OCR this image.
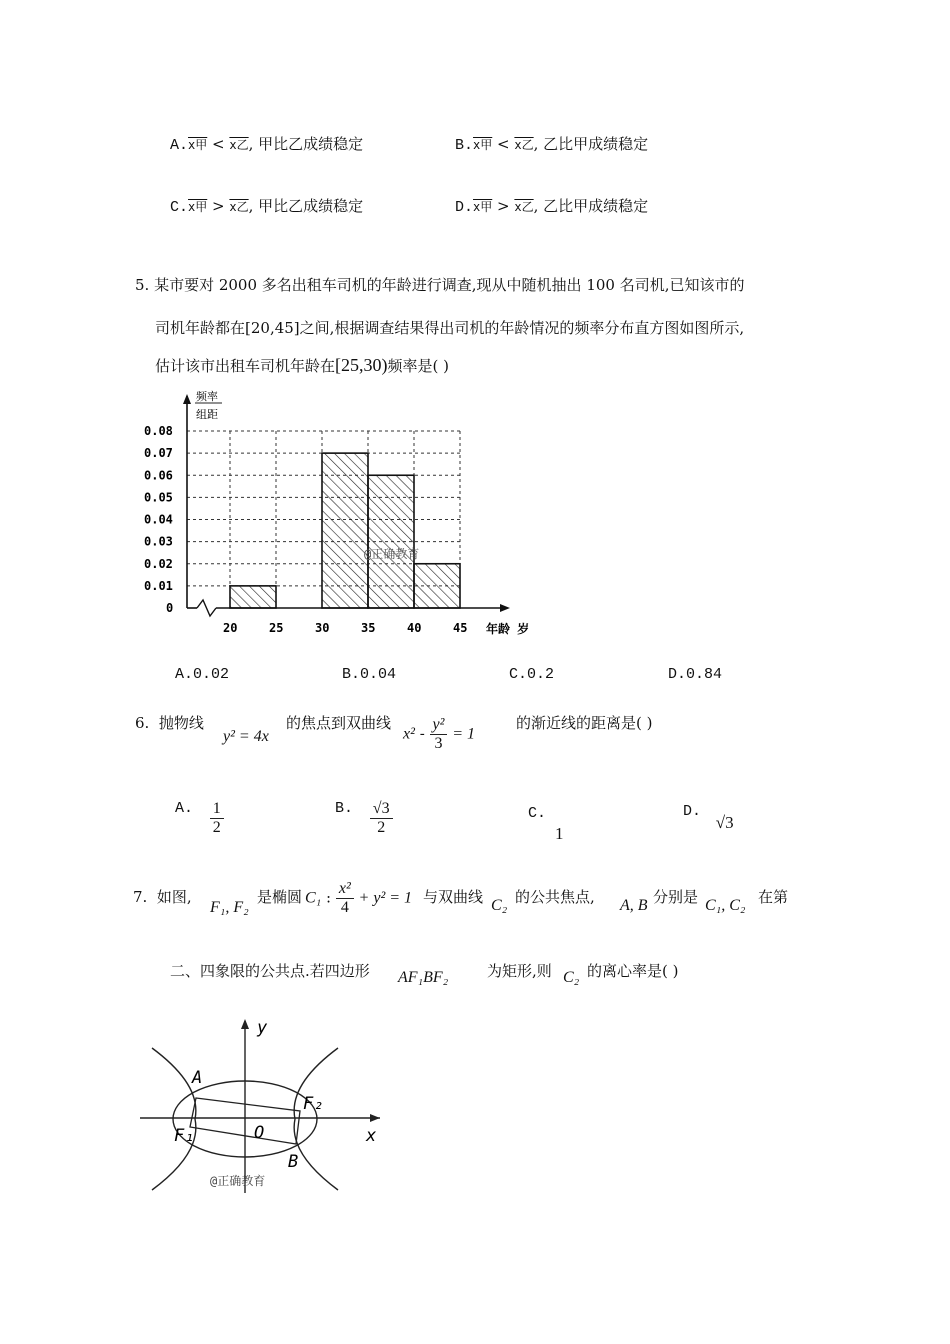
A.x甲 < x乙, 甲比乙成绩稳定	B.x甲 < x乙, 乙比甲成绩稳定
C.x甲 > x乙, 甲比乙成绩稳定	D.x甲 > x乙, 乙比甲成绩稳定
5. 某市要对 2000 多名出租车司机的年龄进行调查,现从中随机抽出 100 名司机,已知该市的
司机年龄都在[20,45]之间,根据调查结果得出司机的年龄情况的频率分布直方图如图所示,
估计该市出租车司机年龄在[25,30)频率是( )
0.08
0.07
0.06
0.05
0.04
0.03
0.02
0.01
0
20	25	30	35	40	45
频率
组距
年龄 岁
@正确教育
A.0.02	B.0.04	C.0.2	D.0.84
6. 抛物线
y² = 4x
的焦点到双曲线
$x^2 - \frac{\text{y²}}{3} = 1$
的渐近线的距离是( )
A. $\frac{1}{2}$	B. $\frac{√3}{2}$	C.
1
D. √3
7. 如图,
F₁, F₂
是椭圆 C₁ : $\frac{\text{x²}}{4} + y^2 = 1$ 与双曲线 C₂ 的公共焦点, A, B 分别是 C₁, C₂ 在第
二、四象限的公共点.若四边形 AF₁BF₂	为矩形,则 C₂ 的离心率是( )
y
x
A
B
O
F₁
F₂
@正确教育
